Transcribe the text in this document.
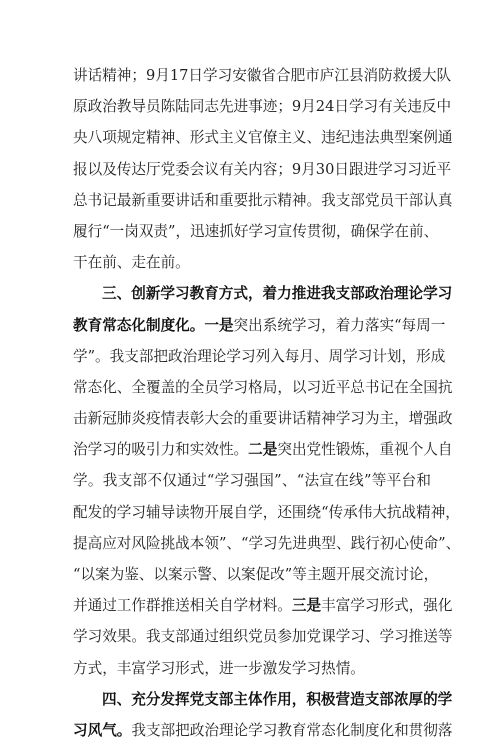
讲话精神；9月17日学习安徽省合肥市庐江县消防救援大队
原政治教导员陈陆同志先进事迹；9月24日学习有关违反中
央八项规定精神、形式主义官僚主义、违纪违法典型案例通
报以及传达厅党委会议有关内容；9月30日跟进学习习近平
总书记最新重要讲话和重要批示精神。我支部党员干部认真
履行“一岗双责”，迅速抓好学习宣传贯彻，确保学在前、
干在前、走在前。
三、创新学习教育方式，着力推进我支部政治理论学习
教育常态化制度化。一是突出系统学习，着力落实“每周一
学”。我支部把政治理论学习列入每月、周学习计划，形成
常态化、全覆盖的全员学习格局，以习近平总书记在全国抗
击新冠肺炎疫情表彰大会的重要讲话精神学习为主，增强政
治学习的吸引力和实效性。二是突出党性锻炼，重视个人自
学。我支部不仅通过“学习强国”、“法宣在线”等平台和
配发的学习辅导读物开展自学，还围绕“传承伟大抗战精神，
提高应对风险挑战本领”、“学习先进典型、践行初心使命”、
“以案为鉴、以案示警、以案促改”等主题开展交流讨论，
并通过工作群推送相关自学材料。三是丰富学习形式，强化
学习效果。我支部通过组织党员参加党课学习、学习推送等
方式，丰富学习形式，进一步激发学习热情。
四、充分发挥党支部主体作用，积极营造支部浓厚的学
习风气。我支部把政治理论学习教育常态化制度化和贯彻落
